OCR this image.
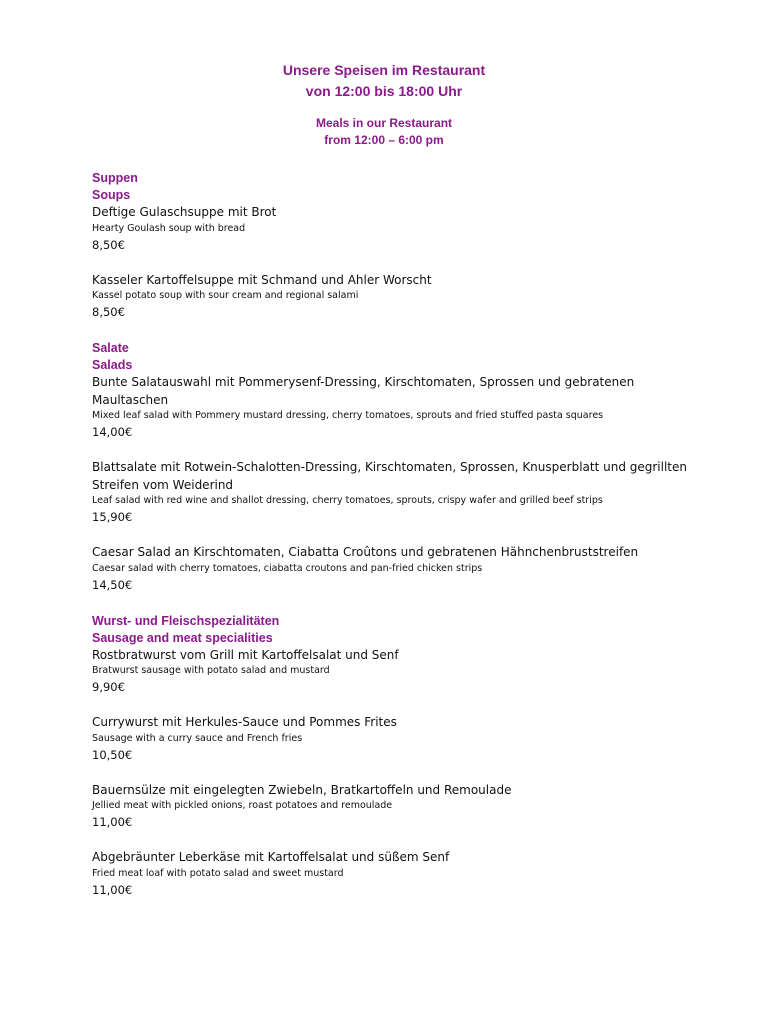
Unsere Speisen im Restaurant
von 12:00 bis 18:00 Uhr
Meals in our Restaurant
from 12:00 – 6:00 pm
Suppen
Soups
Deftige Gulaschsuppe mit Brot
Hearty Goulash soup with bread
8,50€
Kasseler Kartoffelsuppe mit Schmand und Ahler Worscht
Kassel potato soup with sour cream and regional salami
8,50€
Salate
Salads
Bunte Salatauswahl mit Pommerysenf-Dressing, Kirschtomaten, Sprossen und gebratenen Maultaschen
Mixed leaf salad with Pommery mustard dressing, cherry tomatoes, sprouts and fried stuffed pasta squares
14,00€
Blattsalate mit Rotwein-Schalotten-Dressing, Kirschtomaten, Sprossen, Knusperblatt und gegrillten Streifen vom Weiderind
Leaf salad with red wine and shallot dressing, cherry tomatoes, sprouts, crispy wafer and grilled beef strips
15,90€
Caesar Salad an Kirschtomaten, Ciabatta Croûtons und gebratenen Hähnchenbruststreifen
Caesar salad with cherry tomatoes, ciabatta croutons and pan-fried chicken strips
14,50€
Wurst- und Fleischspezialitäten
Sausage and meat specialities
Rostbratwurst vom Grill mit Kartoffelsalat und Senf
Bratwurst sausage with potato salad and mustard
9,90€
Currywurst mit Herkules-Sauce und Pommes Frites
Sausage with a curry sauce and French fries
10,50€
Bauernsülze mit eingelegten Zwiebeln, Bratkartoffeln und Remoulade
Jellied meat with pickled onions, roast potatoes and remoulade
11,00€
Abgebräunter Leberkäse mit Kartoffelsalat und süßem Senf
Fried meat loaf with potato salad and sweet mustard
11,00€
